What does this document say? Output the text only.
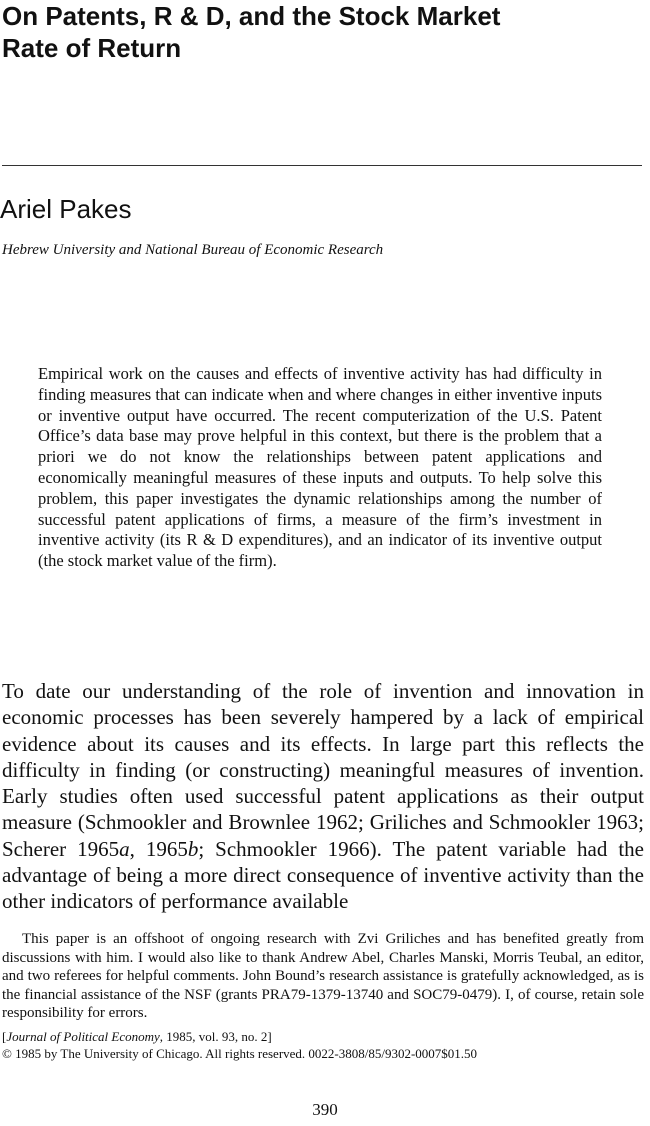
On Patents, R & D, and the Stock Market
Rate of Return
Ariel Pakes
Hebrew University and National Bureau of Economic Research

Empirical work on the causes and effects of inventive activity has had difficulty in finding measures that can indicate when and where changes in either inventive inputs or inventive output have occurred. The recent computerization of the U.S. Patent Office’s data base may prove helpful in this context, but there is the problem that a priori we do not know the relationships between patent applications and economically meaningful measures of these inputs and outputs. To help solve this problem, this paper investigates the dynamic relationships among the number of successful patent applications of firms, a measure of the firm’s investment in inventive activity (its R & D expenditures), and an indicator of its inventive output (the stock market value of the firm).

To date our understanding of the role of invention and innovation in economic processes has been severely hampered by a lack of empirical evidence about its causes and its effects. In large part this reflects the difficulty in finding (or constructing) meaningful measures of invention. Early studies often used successful patent applications as their output measure (Schmookler and Brownlee 1962; Griliches and Schmookler 1963; Scherer 1965a, 1965b; Schmookler 1966). The patent variable had the advantage of being a more direct consequence of inventive activity than the other indicators of performance available

This paper is an offshoot of ongoing research with Zvi Griliches and has benefited greatly from discussions with him. I would also like to thank Andrew Abel, Charles Manski, Morris Teubal, an editor, and two referees for helpful comments. John Bound’s research assistance is gratefully acknowledged, as is the financial assistance of the NSF (grants PRA79-1379-13740 and SOC79-0479). I, of course, retain sole responsibility for errors.

[Journal of Political Economy, 1985, vol. 93, no. 2]
© 1985 by The University of Chicago. All rights reserved. 0022-3808/85/9302-0007$01.50
390
